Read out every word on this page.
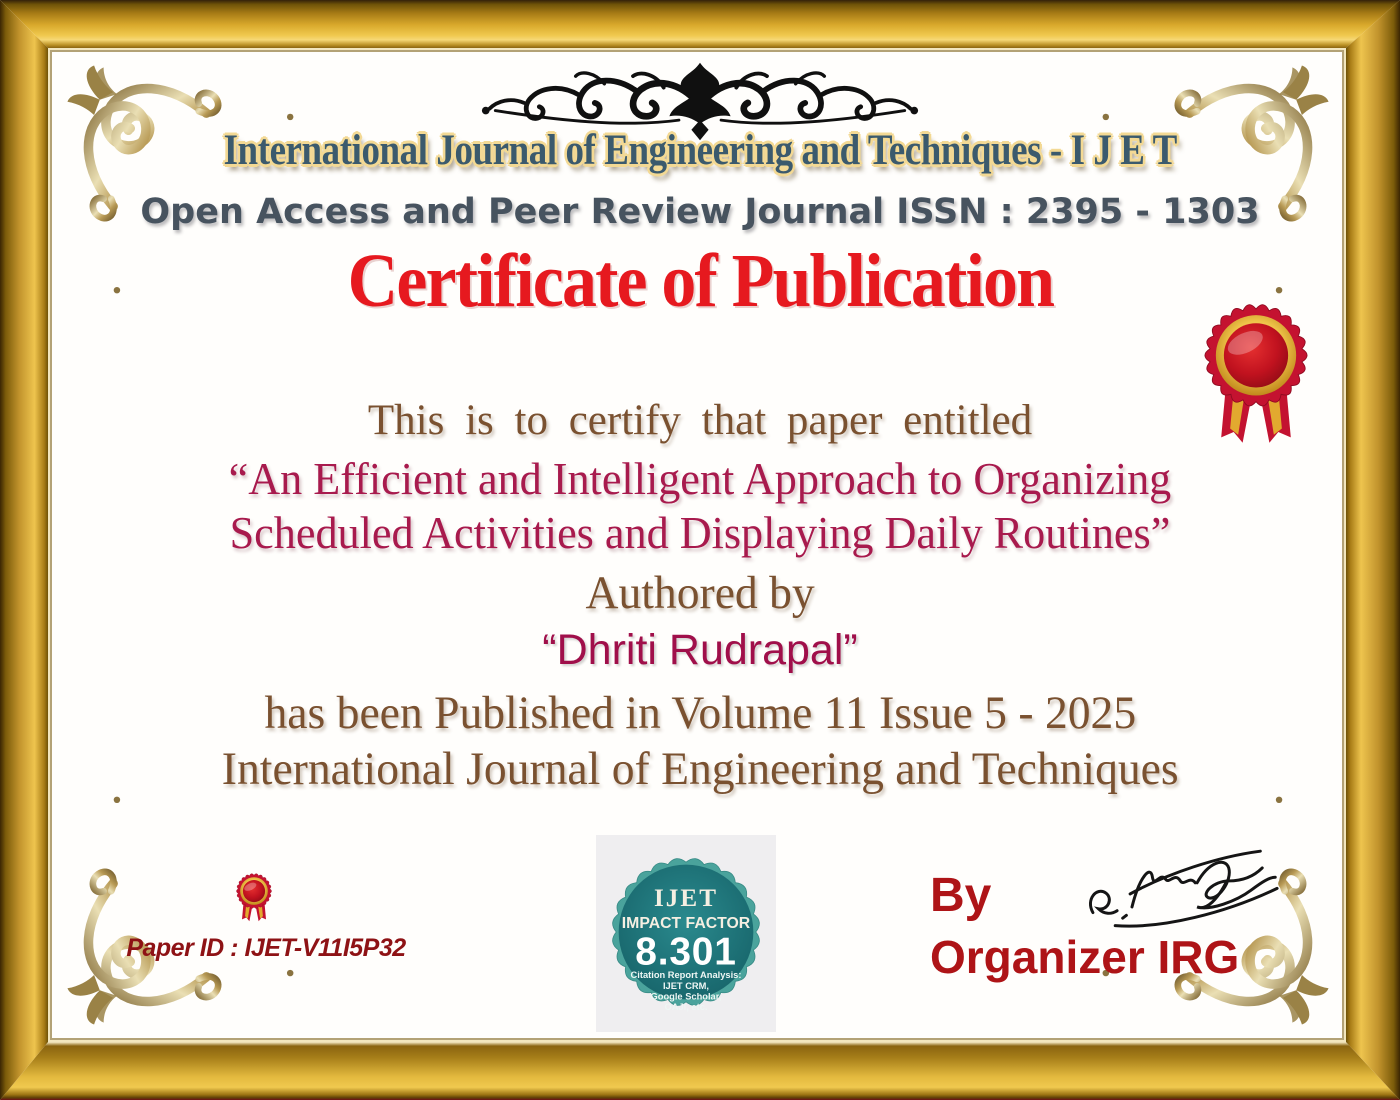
International Journal of Engineering and Techniques - I J E T
Open Access and Peer Review Journal ISSN : 2395 - 1303
Certificate of Publication
This is to certify that paper entitled
“An Efficient and Intelligent Approach to Organizing
Scheduled Activities and Displaying Daily Routines”
Authored by
“Dhriti Rudrapal”
has been Published in Volume 11 Issue 5 - 2025
International Journal of Engineering and Techniques
Paper ID : IJET-V11I5P32
IJET
IMPACT FACTOR
8.301
Citation Report Analysis:
IJET CRM,
Google Scholar,
OAJI, etc.
By
Organizer IRG
